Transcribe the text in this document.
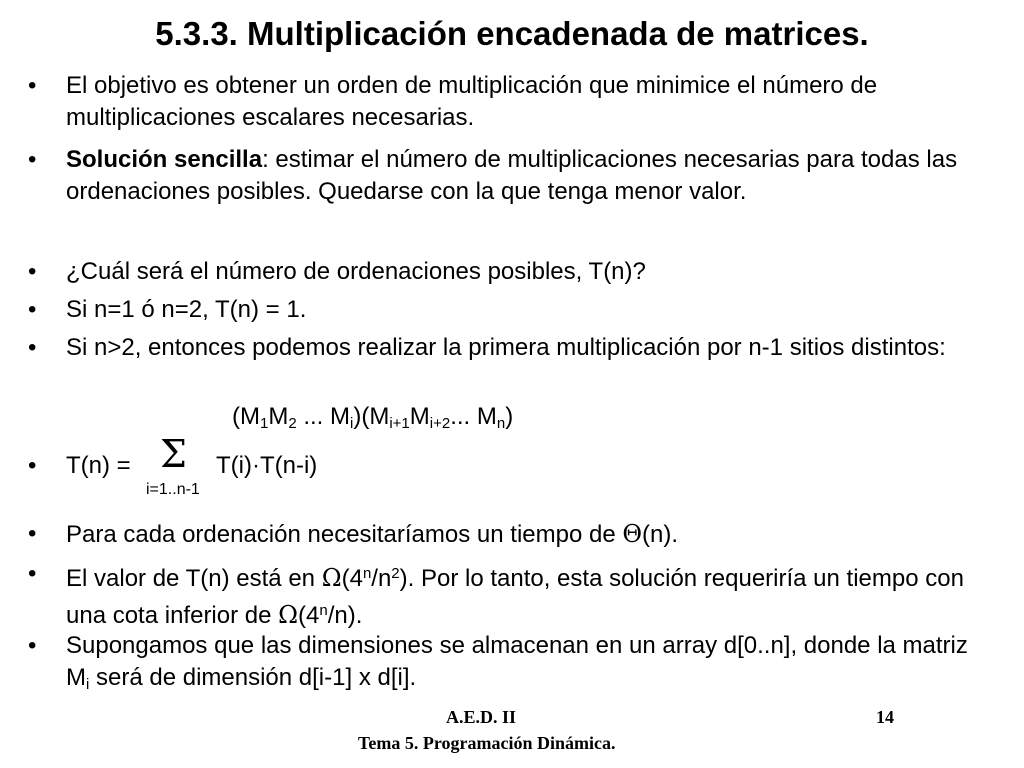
5.3.3. Multiplicación encadenada de matrices.
• El objetivo es obtener un orden de multiplicación que minimice el número de multiplicaciones escalares necesarias.
• Solución sencilla: estimar el número de multiplicaciones necesarias para todas las ordenaciones posibles. Quedarse con la que tenga menor valor.
• ¿Cuál será el número de ordenaciones posibles, T(n)?
• Si n=1 ó n=2, T(n) = 1.
• Si n>2, entonces podemos realizar la primera multiplicación por n-1 sitios distintos:
($M_1M_2$ ... $M_i)(M_{i+1}M_{i+2}$... $M_n$)
• T(n) = Σ T(i)·T(n-i)
i=1..n-1
• Para cada ordenación necesitaríamos un tiempo de Θ(n).
• El valor de T(n) está en $\Omega(4^n/n^2)$. Por lo tanto, esta solución requeriría un tiempo con una cota inferior de Ω(4$^n$/n).
• Supongamos que las dimensiones se almacenan en un array d[0..n], donde la matriz $M_i$ será de dimensión d[i-1] x d[i].
A.E.D. II
Tema 5. Programación Dinámica.
14
